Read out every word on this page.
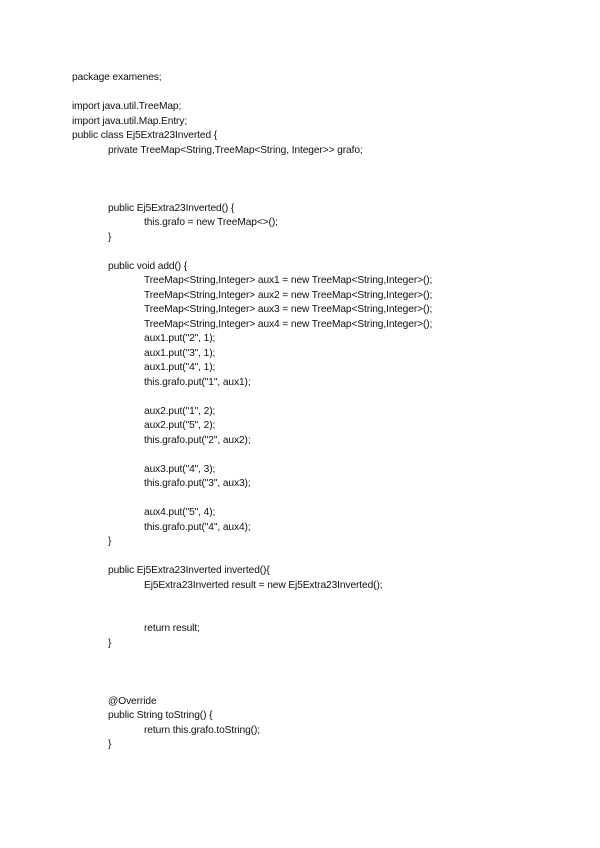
package examenes;
import java.util.TreeMap;
import java.util.Map.Entry;
public class Ej5Extra23Inverted {
private TreeMap<String,TreeMap<String, Integer>> grafo;
public Ej5Extra23Inverted() {
this.grafo = new TreeMap<>();
}
public void add() {
TreeMap<String,Integer> aux1 = new TreeMap<String,Integer>();
TreeMap<String,Integer> aux2 = new TreeMap<String,Integer>();
TreeMap<String,Integer> aux3 = new TreeMap<String,Integer>();
TreeMap<String,Integer> aux4 = new TreeMap<String,Integer>();
aux1.put("2", 1);
aux1.put("3", 1);
aux1.put("4", 1);
this.grafo.put("1", aux1);
aux2.put("1", 2);
aux2.put("5", 2);
this.grafo.put("2", aux2);
aux3.put("4", 3);
this.grafo.put("3", aux3);
aux4.put("5", 4);
this.grafo.put("4", aux4);
}
public Ej5Extra23Inverted inverted(){
Ej5Extra23Inverted result = new Ej5Extra23Inverted();
return result;
}
@Override
public String toString() {
return this.grafo.toString();
}
